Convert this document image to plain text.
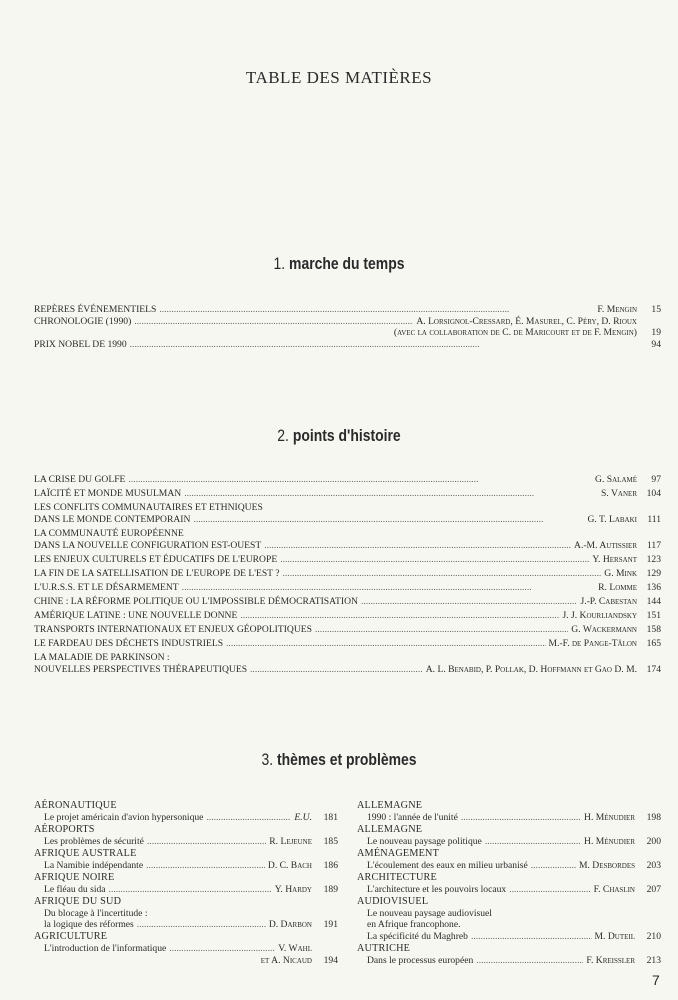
TABLE DES MATIÈRES
1. marche du temps
REPÈRES ÉVÉNEMENTIELS . . .	F. Mengin	15
CHRONOLOGIE (1990) . . .	A. Lorsignol-Cressard, É. Masurel, C. Péry, D. Rioux
(avec la collaboration de C. de Maricourt et de F. Mengin) 19
PRIX NOBEL DE 1990 . . .	94
2. points d'histoire
LA CRISE DU GOLFE . . .	G. Salamé	97
LAÏCITÉ ET MONDE MUSULMAN . . .	S. Vaner	104
LES CONFLITS COMMUNAUTAIRES ET ETHNIQUES
DANS LE MONDE CONTEMPORAIN . . .	G. T. Labaki	111
LA COMMUNAUTÉ EUROPÉENNE
DANS LA NOUVELLE CONFIGURATION EST-OUEST . . .	A.-M. Autissier	117
LES ENJEUX CULTURELS ET ÉDUCATIFS DE L'EUROPE . . .	Y. Hersant	123
LA FIN DE LA SATELLISATION DE L'EUROPE DE L'EST ? . . .	G. Mink	129
L'U.R.S.S. ET LE DÉSARMEMENT . . .	R. Lomme	136
CHINE : LA RÉFORME POLITIQUE OU L'IMPOSSIBLE DÉMOCRATISATION . . .	J.-P. Cabestan	144
AMÉRIQUE LATINE : UNE NOUVELLE DONNE . . .	J. J. Kourliandsky	151
TRANSPORTS INTERNATIONAUX ET ENJEUX GÉOPOLITIQUES . . .	G. Wackermann	158
LE FARDEAU DES DÉCHETS INDUSTRIELS . . .	M.-F. de Pange-Tâlon	165
LA MALADIE DE PARKINSON :
NOUVELLES PERSPECTIVES THÉRAPEUTIQUES . . .	A. L. Benabid, P. Pollak, D. Hoffmann et Gao D. M.	174
3. thèmes et problèmes
AÉRONAUTIQUE
Le projet américain d'avion hypersonique . . .	E.U.	181
AÉROPORTS
Les problèmes de sécurité . . .	R. Lejeune	185
AFRIQUE AUSTRALE
La Namibie indépendante . . .	D. C. Bach	186
AFRIQUE NOIRE
Le fléau du sida . . .	Y. Hardy	189
AFRIQUE DU SUD
Du blocage à l'incertitude :
la logique des réformes . . .	D. Darbon	191
AGRICULTURE
L'introduction de l'informatique . . .	V. Wahl
et A. Nicaud	194
ALLEMAGNE
1990 : l'année de l'unité . . .	H. Ménudier	198
ALLEMAGNE
Le nouveau paysage politique . . .	H. Ménudier	200
AMÉNAGEMENT
L'écoulement des eaux en milieu urbanisé . . .	M. Desbordes	203
ARCHITECTURE
L'architecture et les pouvoirs locaux . . .	F. Chaslin	207
AUDIOVISUEL
Le nouveau paysage audiovisuel
en Afrique francophone.
La spécificité du Maghreb . . .	M. Duteil	210
AUTRICHE
Dans le processus européen . . .	F. Kreissler	213
7
